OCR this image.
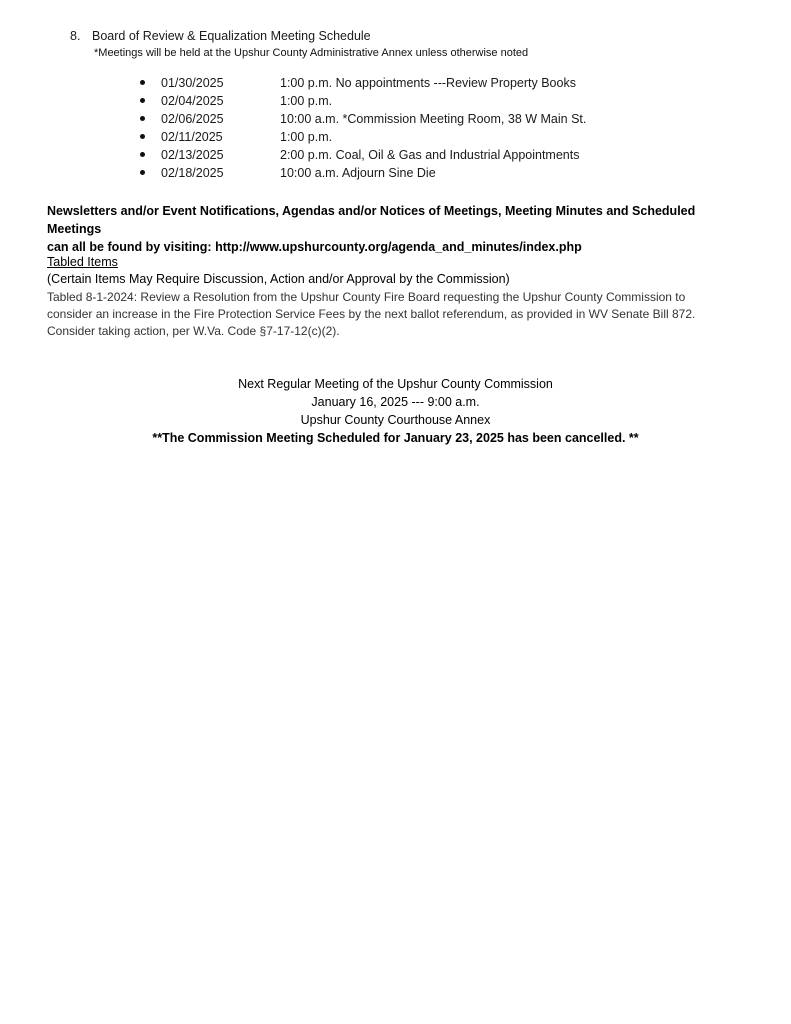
8. Board of Review & Equalization Meeting Schedule
*Meetings will be held at the Upshur County Administrative Annex unless otherwise noted
01/30/2025	1:00 p.m. No appointments ---Review Property Books
02/04/2025	1:00 p.m.
02/06/2025	10:00 a.m. *Commission Meeting Room, 38 W Main St.
02/11/2025	1:00 p.m.
02/13/2025	2:00 p.m. Coal, Oil & Gas and Industrial Appointments
02/18/2025	10:00 a.m. Adjourn Sine Die
Newsletters and/or Event Notifications, Agendas and/or Notices of Meetings, Meeting Minutes and Scheduled Meetings
can all be found by visiting: http://www.upshurcounty.org/agenda_and_minutes/index.php
Tabled Items
(Certain Items May Require Discussion, Action and/or Approval by the Commission)
Tabled 8-1-2024: Review a Resolution from the Upshur County Fire Board requesting the Upshur County Commission to
consider an increase in the Fire Protection Service Fees by the next ballot referendum, as provided in WV Senate Bill 872.
Consider taking action, per W.Va. Code §7-17-12(c)(2).
Next Regular Meeting of the Upshur County Commission
January 16, 2025 --- 9:00 a.m.
Upshur County Courthouse Annex
**The Commission Meeting Scheduled for January 23, 2025 has been cancelled. **
